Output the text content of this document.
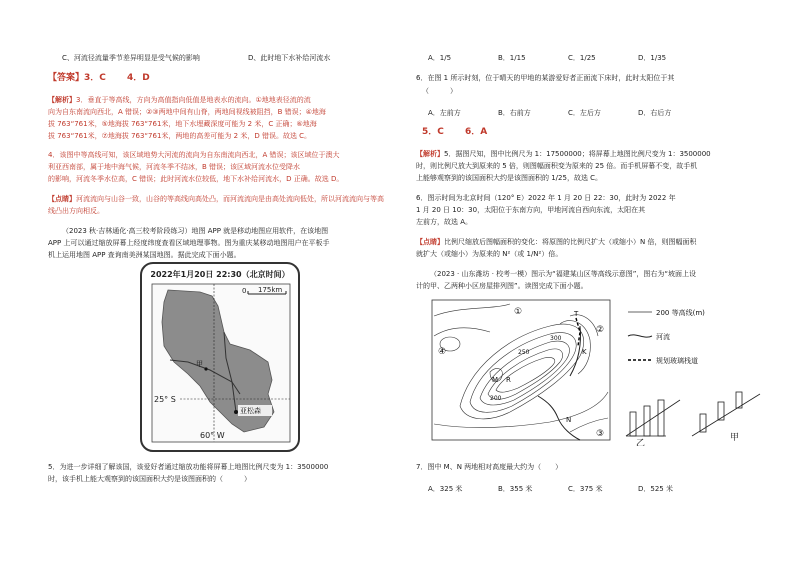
C、河流径流量季节差异明显是受气候的影响	D、此时地下水补给河流水
【答案】3．C　　 4．D
【解析】3．垂直于等高线，方向为高值指向低值是地表水的流向。①地地表径流的流
向为自东南流向西北，A 错误；②③两地中间有山脊，两地间视线被阻挡，B 错误；④地海
拔 763“761米，⑤地海拔 763“761米，地下水埋藏深度可能为 2 米，C 正确；⑥地海
拔 763“761米，⑦地海拔 763“761米，两地的高差可能为 2 米，D 错误。故选 C。
4．该图中等高线可知，该区域地势大河流的流向为自东南流向西北，A 错误；该区域位于澳大
利亚西南部，属于地中海气候，河流冬季不结冰，B 错误；该区域河流水位受降水
的影响，河流冬季水位高，C 错误；此时河流水位较低，地下水补给河流水，D 正确。故选 D。
【点睛】河流流向与山谷一致，山谷的等高线向高处凸，而河流流向是由高处流向低处，所以河流流向与等高
线凸出方向相反。
（2023 秋·吉林通化·高三校考阶段练习）地图 APP 就是移动地图应用软件，在该地图
APP 上可以通过缩放屏幕上经度纬度查看区域地理事物。图为重庆某移动地图用户在平板手
机上运用地图 APP 查询南美洲某国地图。据此完成下面小题。
2022年1月20日 22:30（北京时间）
0 175km
甲
25° S
亚松森
60° W
5．为进一步详细了解该国，该爱好者通过缩放功能将屏幕上地图比例尺变为 1：3500000
时，该手机上能大观察到的该国面积大约是该图面积的（　　　）
A．1/5	B．1/15	C．1/25	D．1/35
6．在图 1 所示时刻，位于晴天的甲地的某游爱好者正面流下床时，此时太阳位于其
（　　　）
A．左前方	B．右前方	C．左后方	D．右后方
5．C　　 6．A
【解析】5．据图尺知，图中比例尺为 1：17500000；将屏幕上地图比例尺变为 1：3500000
时，则比例尺放大到原来的 5 倍，则图幅面积变为原来的 25 倍。而手机屏幕不变，故手机
上能够观察到的该国面积大约是该图面积的 1/25，故选 C。
6．图示时间为北京时间（120° E）2022 年 1 月 20 日 22：30，此时为 2022 年
1 月 20 日 10：30，太阳位于东南方向，甲地河流自西向东流，太阳在其
左前方，故选 A。
【点睛】比例尺缩放后图幅面积的变化：将原图的比例尺扩大（或缩小）N 倍，则图幅面积
就扩大（或缩小）为原来的 N²（或 1/N²）倍。
（2023 · 山东潍坊 · 校考一模）图示为“福建某山区等高线示意图”，图右为“坡面上设
计的甲、乙两种小区房屋排列图”。读图完成下面小题。
T
K
M R
N
④
①
②
③
200
250
300
200 等高线(m)
河流
规划玻璃栈道
乙
甲
7．图中 M、N 两地相对高度最大约为（　　）
A．325 米	B．355 米	C．375 米	D．525 米
